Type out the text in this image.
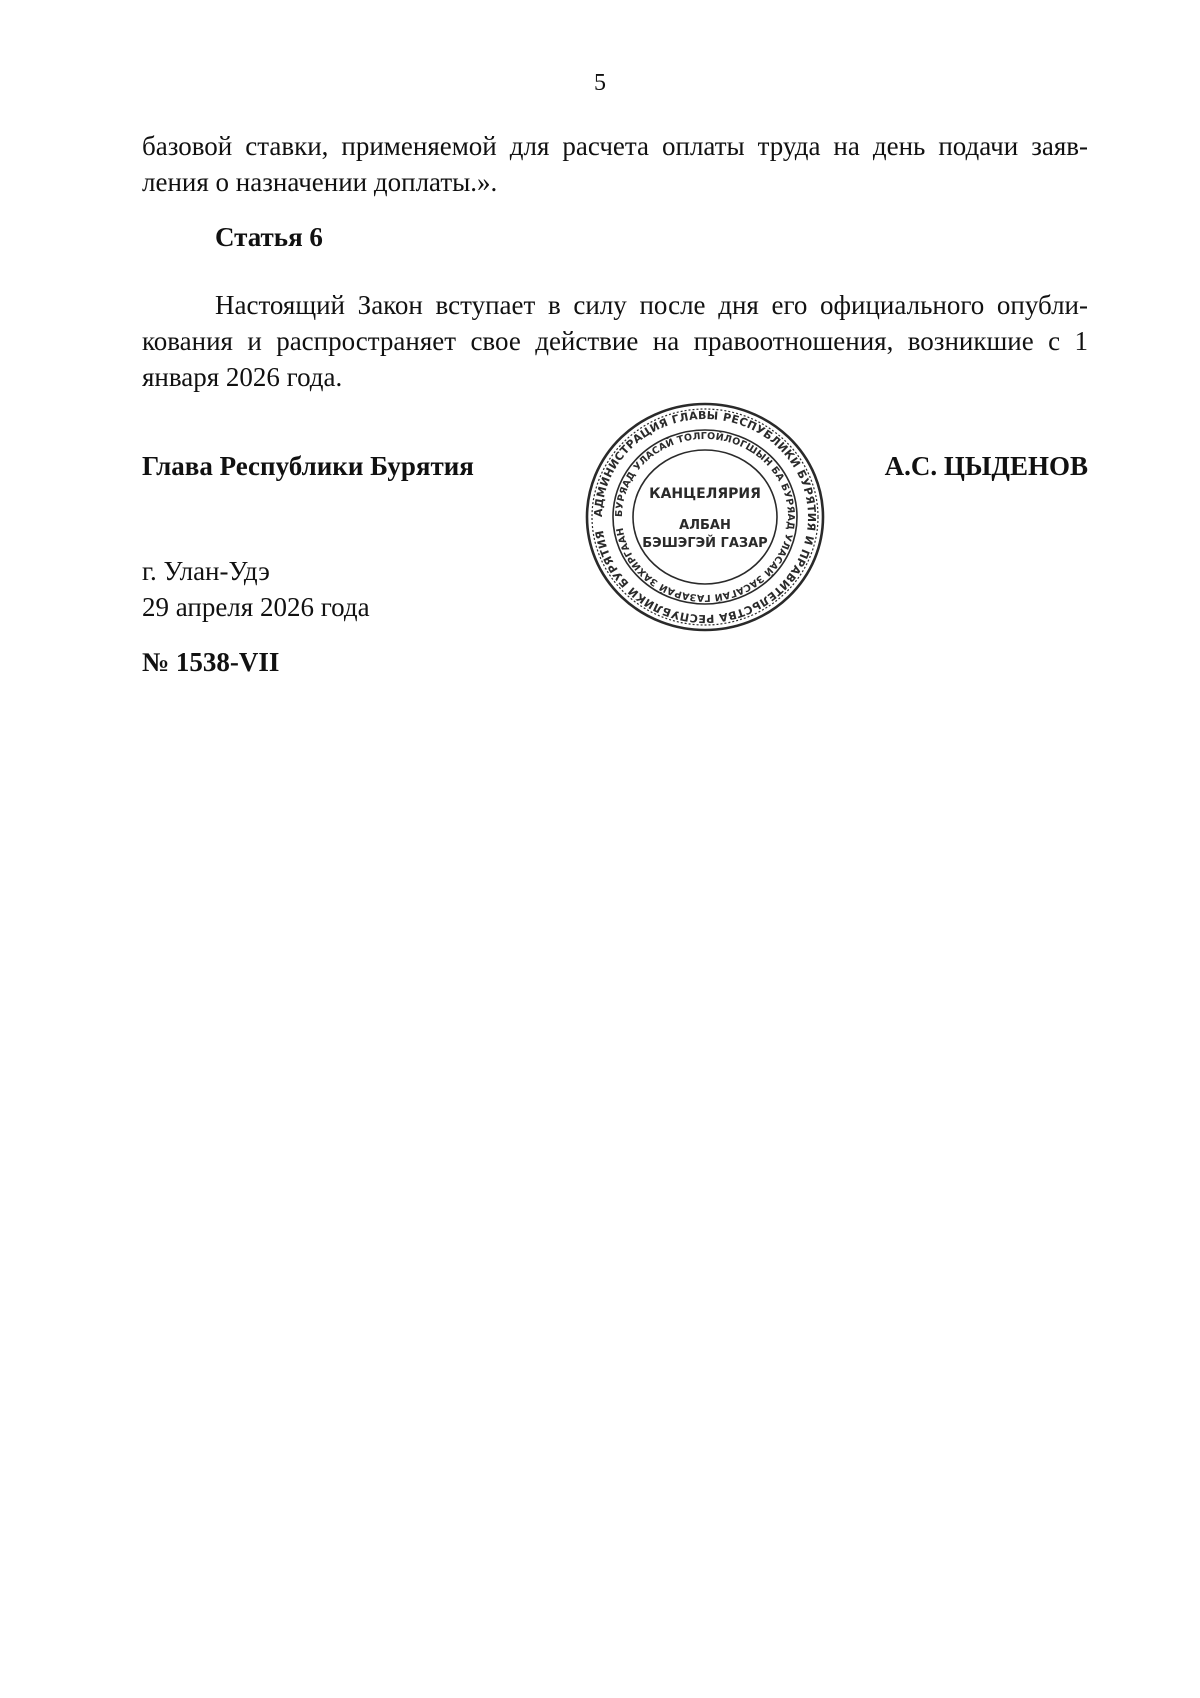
5
базовой ставки, применяемой для расчета оплаты труда на день подачи заяв-
ления о назначении доплаты.».
Статья 6
Настоящий Закон вступает в силу после дня его официального опубли-
кования и распространяет свое действие на правоотношения, возникшие с 1
января 2026 года.
Глава Республики Бурятия	А.С. ЦЫДЕНОВ
АДМИНИСТРАЦИЯ ГЛАВЫ РЕСПУБЛИКИ БУРЯТИЯ И ПРАВИТЕЛЬСТВА РЕСПУБЛИКИ БУРЯТИЯ
БУРЯАД УЛАСАЙ ТОЛГОЙЛОГШЫН БА БУРЯАД УЛАСАЙ ЗАСАГАЙ ГАЗАРАЙ ЗАХИРГААН
КАНЦЕЛЯРИЯ
АЛБАН
БЭШЭГЭЙ ГАЗАР
г. Улан-Удэ
29 апреля 2026 года
№ 1538-VII
